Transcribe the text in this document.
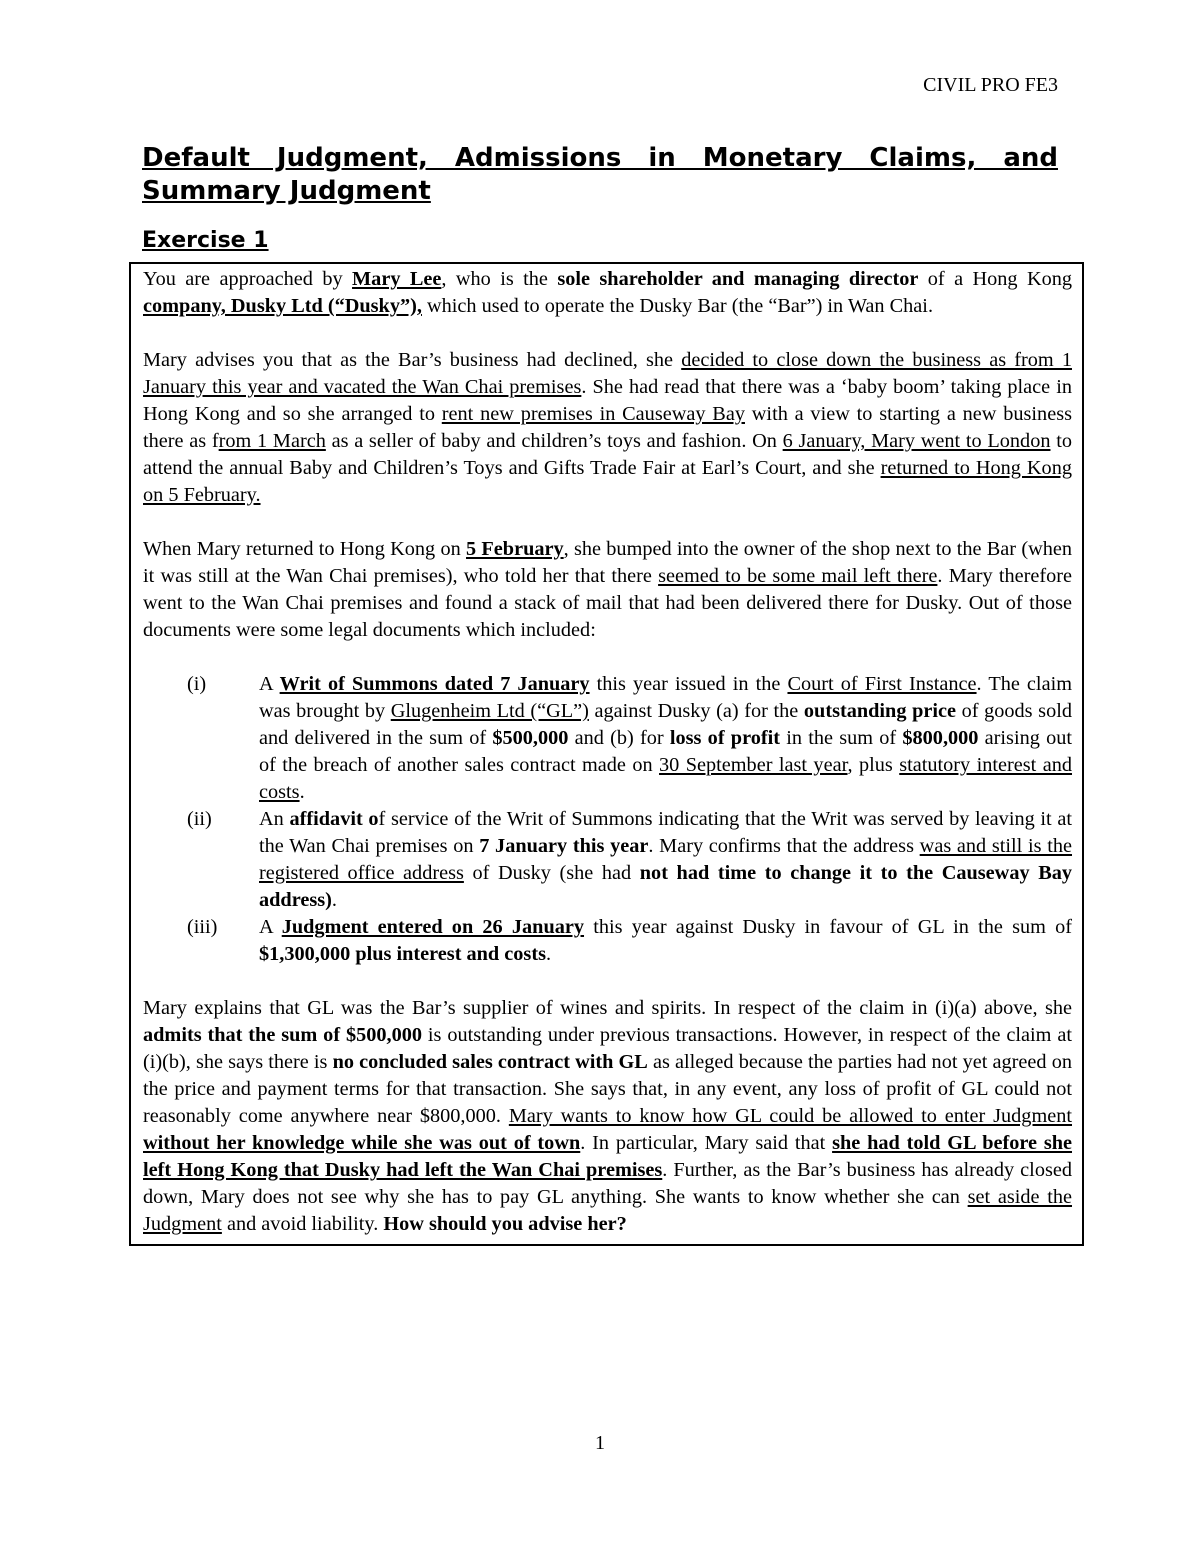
CIVIL PRO FE3
Default Judgment, Admissions in Monetary Claims, and Summary Judgment
Exercise 1

You are approached by Mary Lee, who is the sole shareholder and managing director of a Hong Kong company, Dusky Ltd (“Dusky”), which used to operate the Dusky Bar (the “Bar”) in Wan Chai.

Mary advises you that as the Bar’s business had declined, she decided to close down the business as from 1 January this year and vacated the Wan Chai premises. She had read that there was a ‘baby boom’ taking place in Hong Kong and so she arranged to rent new premises in Causeway Bay with a view to starting a new business there as from 1 March as a seller of baby and children’s toys and fashion. On 6 January, Mary went to London to attend the annual Baby and Children’s Toys and Gifts Trade Fair at Earl’s Court, and she returned to Hong Kong on 5 February.

When Mary returned to Hong Kong on 5 February, she bumped into the owner of the shop next to the Bar (when it was still at the Wan Chai premises), who told her that there seemed to be some mail left there. Mary therefore went to the Wan Chai premises and found a stack of mail that had been delivered there for Dusky. Out of those documents were some legal documents which included:

(i)	A Writ of Summons dated 7 January this year issued in the Court of First Instance. The claim was brought by Glugenheim Ltd (“GL”) against Dusky (a) for the outstanding price of goods sold and delivered in the sum of $500,000 and (b) for loss of profit in the sum of $800,000 arising out of the breach of another sales contract made on 30 September last year, plus statutory interest and costs.
(ii)	An affidavit of service of the Writ of Summons indicating that the Writ was served by leaving it at the Wan Chai premises on 7 January this year. Mary confirms that the address was and still is the registered office address of Dusky (she had not had time to change it to the Causeway Bay address).
(iii)	A Judgment entered on 26 January this year against Dusky in favour of GL in the sum of $1,300,000 plus interest and costs.

Mary explains that GL was the Bar’s supplier of wines and spirits. In respect of the claim in (i)(a) above, she admits that the sum of $500,000 is outstanding under previous transactions. However, in respect of the claim at (i)(b), she says there is no concluded sales contract with GL as alleged because the parties had not yet agreed on the price and payment terms for that transaction. She says that, in any event, any loss of profit of GL could not reasonably come anywhere near $800,000. Mary wants to know how GL could be allowed to enter Judgment without her knowledge while she was out of town. In particular, Mary said that she had told GL before she left Hong Kong that Dusky had left the Wan Chai premises. Further, as the Bar’s business has already closed down, Mary does not see why she has to pay GL anything. She wants to know whether she can set aside the Judgment and avoid liability. How should you advise her?

1
